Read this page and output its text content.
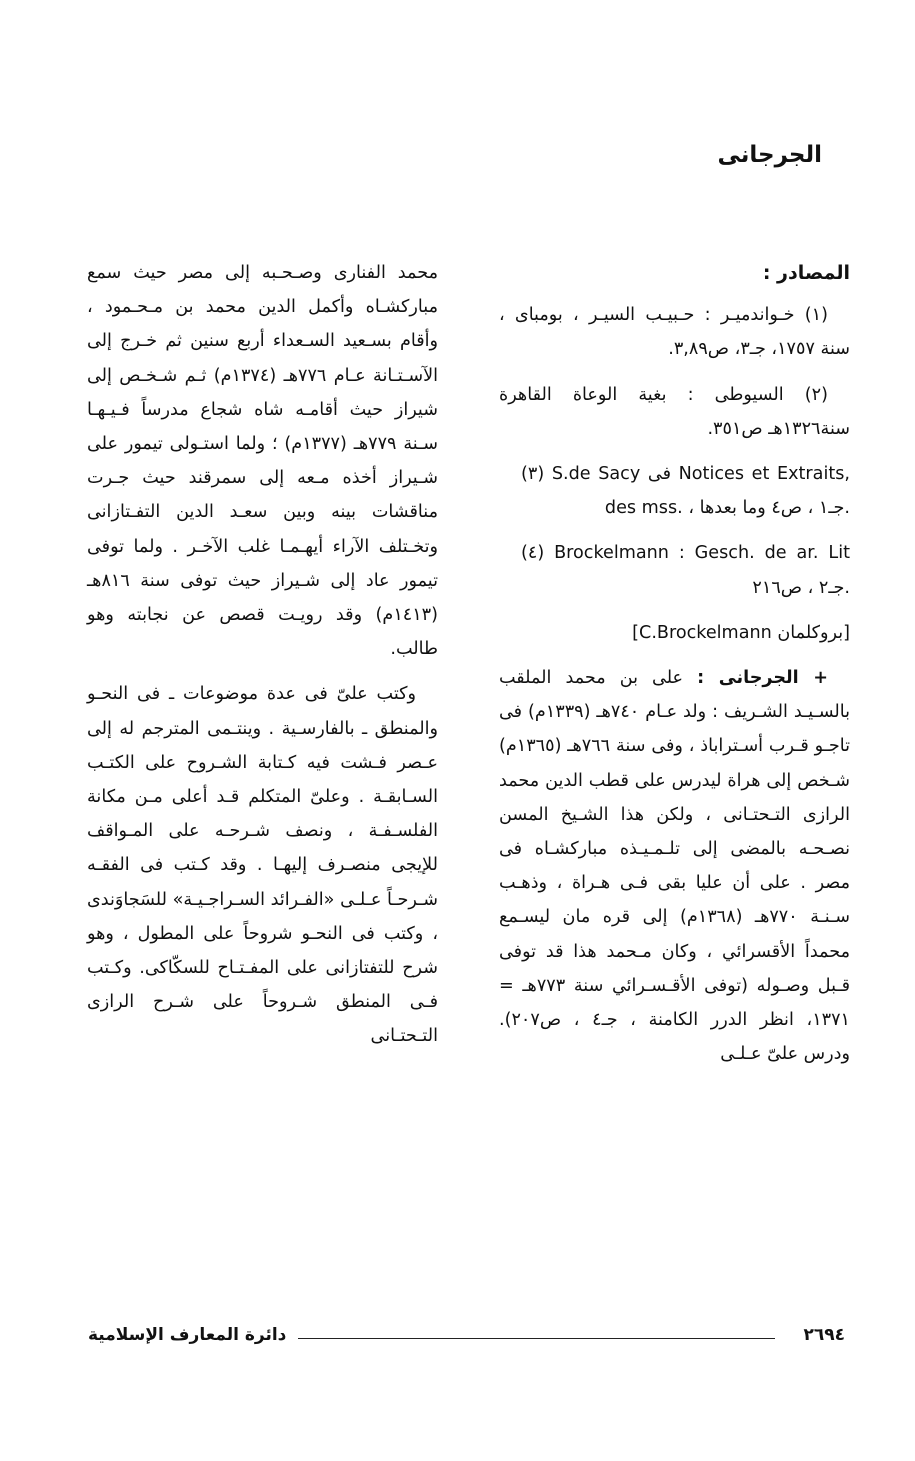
الجرجانى

المصادر :

(١) خـواندميـر : حـبيـب السيـر ، بومباى ، سنة ١٧٥٧، جـ٣، ص٣,٨٩.

(٢) السيوطى : بغية الوعاة القاهرة سنة١٣٢٦هـ ص٣٥١.

(٣) S.de Sacy فى Notices et Extraits, des mss. ، جـ١ ، ص٤ وما بعدها.

(٤) Brockelmann : Gesch. de ar. Lit جـ٢ ، ص٢١٦.

[بروكلمان C.Brockelmann]

+ الجرجانى : على بن محمد الملقب بالسـيـد الشـريف : ولد عـام ٧٤٠هـ (١٣٣٩م) فى تاجـو قـرب أسـتراباذ ، وفى سنة ٧٦٦هـ (١٣٦٥م) شـخص إلى هراة ليدرس على قطب الدين محمد الرازى التـحتـانى ، ولكن هذا الشـيخ المسن نصـحـه بالمضى إلى تلـمـيـذه مباركشـاه فى مصر . على أن عليا بقى فـى هـراة ، وذهـب سـنـة ٧٧٠هـ (١٣٦٨م) إلى قره مان ليسـمع محمداً الأقسرائي ، وكان مـحمد هذا قد توفى قـبل وصـوله (توفى الأقـسـرائي سنة ٧٧٣هـ = ١٣٧١، انظر الدرر الكامنة ، جـ٤ ، ص٢٠٧). ودرس علىّ عـلـى

محمد الفنارى وصـحـبه إلى مصر حيث سمع مباركشـاه وأكمل الدين محمد بن مـحـمود ، وأقام بسـعيد السـعداء أربع سنين ثم خـرج إلى الآسـتـانة عـام ٧٧٦هـ (١٣٧٤م) ثـم شـخـص إلى شيراز حيث أقامـه شاه شجاع مدرساً فـيـهـا سـنة ٧٧٩هـ (١٣٧٧م) ؛ ولما استـولى تيمور على شـيراز أخذه مـعه إلى سمرقند حيث جـرت مناقشات بينه وبين سعـد الدين التفـتازانى وتخـتلف الآراء أيهـمـا غلب الآخـر . ولما توفى تيمور عاد إلى شـيراز حيث توفى سنة ٨١٦هـ (١٤١٣م) وقد رويـت قصص عن نجابته وهو طالب.

وكتب علىّ فى عدة موضوعات ـ فى النحـو والمنطق ـ بالفارسـية . وينتـمى المترجم له إلى عـصر فـشت فيه كـتابة الشـروح على الكتـب السـابقـة . وعلىّ المتكلم قـد أعلى مـن مكانة الفلسـفـة ، ونصف شـرحـه على المـواقف للإيجى منصـرف إليهـا . وقد كـتب فى الفقـه شـرحـاً عـلـى «الفـرائد السـراجـيـة» للسَجاوَندى ، وكتب فى النحـو شروحاً على المطول ، وهو شرح للتفتازانى على المفـتـاح للسكّاكى. وكـتب فـى المنطق شـروحاً على شـرح الرازى التـحتـانى

٢٦٩٤
دائرة المعارف الإسلامية
